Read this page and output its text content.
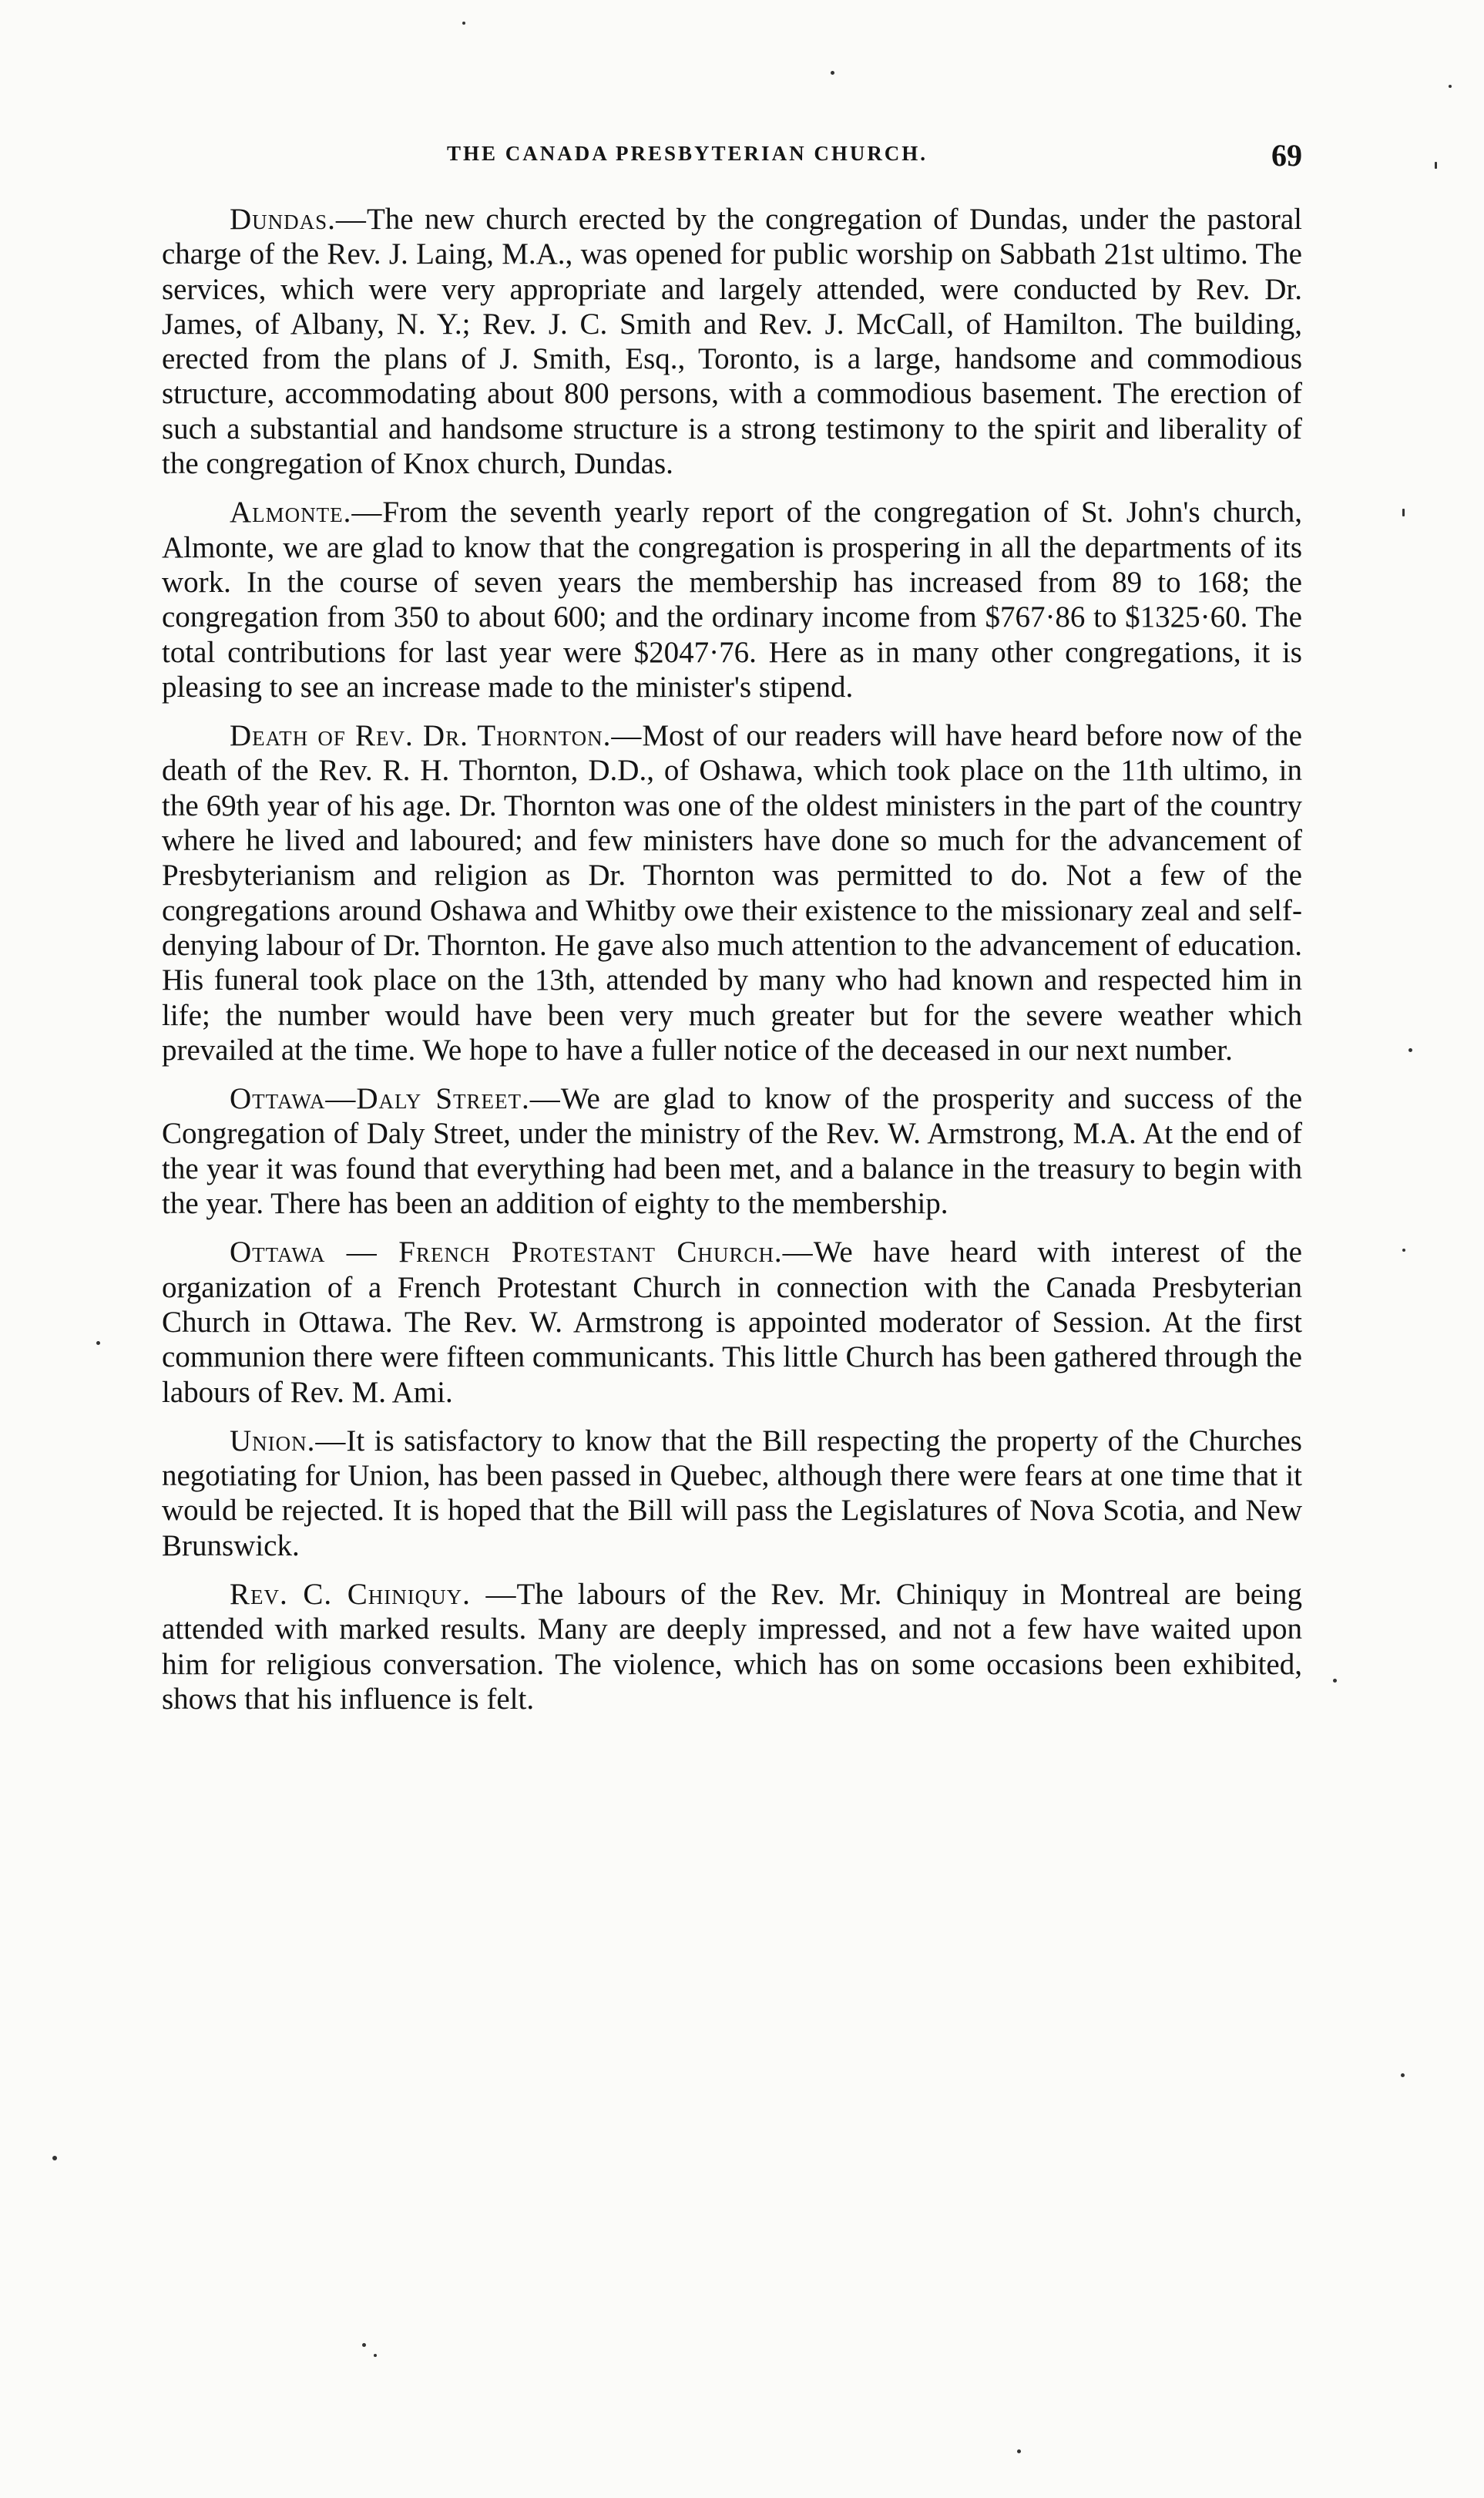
THE CANADA PRESBYTERIAN CHURCH.	69

Dundas.—The new church erected by the congregation of Dundas, under the pastoral charge of the Rev. J. Laing, M.A., was opened for public worship on Sabbath 21st ultimo. The services, which were very appropriate and largely attended, were conducted by Rev. Dr. James, of Albany, N. Y.; Rev. J. C. Smith and Rev. J. McCall, of Hamilton. The building, erected from the plans of J. Smith, Esq., Toronto, is a large, handsome and commodious structure, accommodating about 800 persons, with a commodious basement. The erection of such a substantial and handsome structure is a strong testimony to the spirit and liberality of the congregation of Knox church, Dundas.

Almonte.—From the seventh yearly report of the congregation of St. John's church, Almonte, we are glad to know that the congregation is prospering in all the departments of its work. In the course of seven years the membership has increased from 89 to 168; the congregation from 350 to about 600; and the ordinary income from $767·86 to $1325·60. The total contributions for last year were $2047·76. Here as in many other congregations, it is pleasing to see an increase made to the minister's stipend.

Death of Rev. Dr. Thornton.—Most of our readers will have heard before now of the death of the Rev. R. H. Thornton, D.D., of Oshawa, which took place on the 11th ultimo, in the 69th year of his age. Dr. Thornton was one of the oldest ministers in the part of the country where he lived and laboured; and few ministers have done so much for the advancement of Presbyterianism and religion as Dr. Thornton was permitted to do. Not a few of the congregations around Oshawa and Whitby owe their existence to the missionary zeal and self-denying labour of Dr. Thornton. He gave also much attention to the advancement of education. His funeral took place on the 13th, attended by many who had known and respected him in life; the number would have been very much greater but for the severe weather which prevailed at the time. We hope to have a fuller notice of the deceased in our next number.

Ottawa—Daly Street.—We are glad to know of the prosperity and success of the Congregation of Daly Street, under the ministry of the Rev. W. Armstrong, M.A. At the end of the year it was found that everything had been met, and a balance in the treasury to begin with the year. There has been an addition of eighty to the membership.

Ottawa — French Protestant Church.—We have heard with interest of the organization of a French Protestant Church in connection with the Canada Presbyterian Church in Ottawa. The Rev. W. Armstrong is appointed moderator of Session. At the first communion there were fifteen communicants. This little Church has been gathered through the labours of Rev. M. Ami.

Union.—It is satisfactory to know that the Bill respecting the property of the Churches negotiating for Union, has been passed in Quebec, although there were fears at one time that it would be rejected. It is hoped that the Bill will pass the Legislatures of Nova Scotia, and New Brunswick.

Rev. C. Chiniquy. —The labours of the Rev. Mr. Chiniquy in Montreal are being attended with marked results. Many are deeply impressed, and not a few have waited upon him for religious conversation. The violence, which has on some occasions been exhibited, shows that his influence is felt.
